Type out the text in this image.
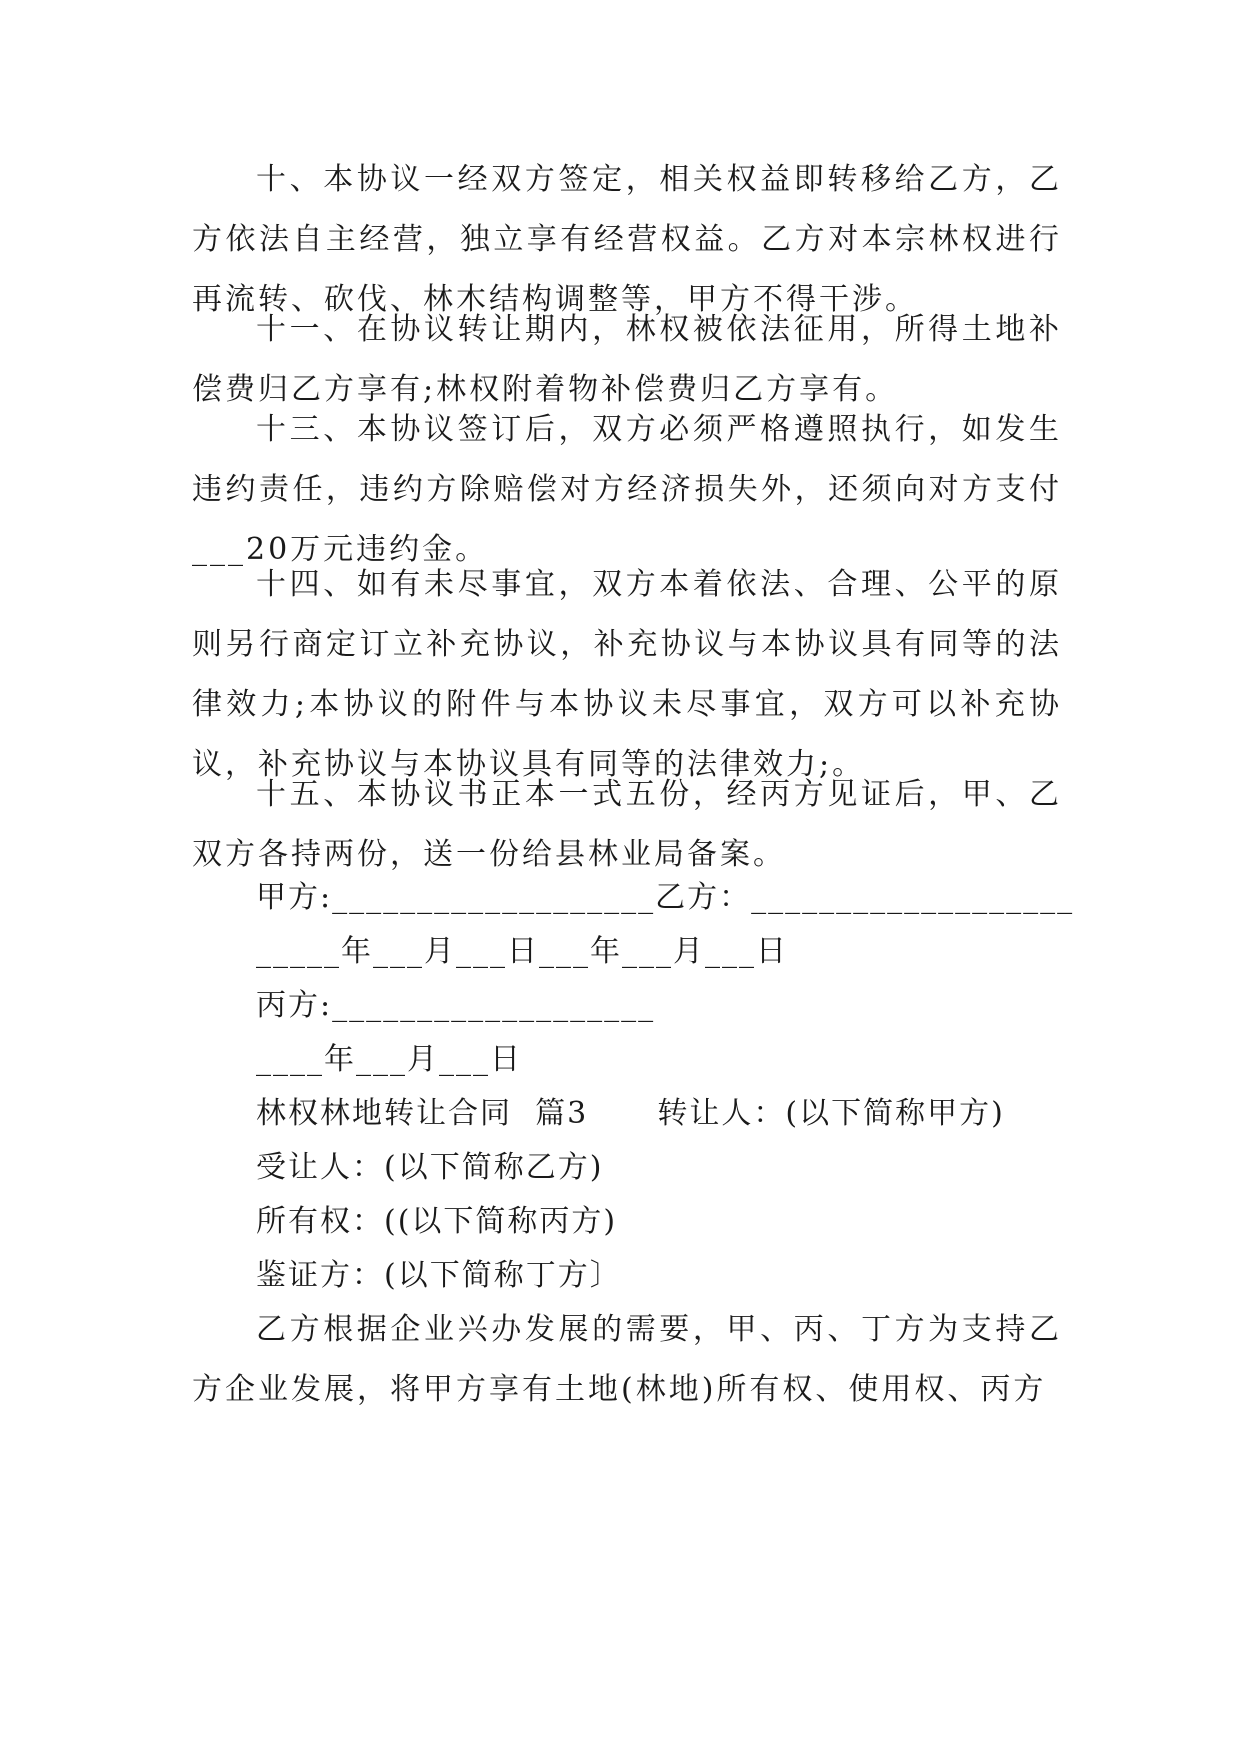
十、本协议一经双方签定，相关权益即转移给乙方，乙方依法自主经营，独立享有经营权益。乙方对本宗林权进行再流转、砍伐、林木结构调整等，甲方不得干涉。

十一、在协议转让期内，林权被依法征用，所得土地补偿费归乙方享有;林权附着物补偿费归乙方享有。

十三、本协议签订后，双方必须严格遵照执行，如发生违约责任，违约方除赔偿对方经济损失外，还须向对方支付___20万元违约金。

十四、如有未尽事宜，双方本着依法、合理、公平的原则另行商定订立补充协议，补充协议与本协议具有同等的法律效力;本协议的附件与本协议未尽事宜，双方可以补充协议，补充协议与本协议具有同等的法律效力;。

十五、本协议书正本一式五份，经丙方见证后，甲、乙双方各持两份，送一份给县林业局备案。

甲方:___________________乙方：___________________

_____年___月___日___年___月___日

丙方:___________________

____年___月___日

林权林地转让合同  篇3      转让人：(以下简称甲方)

受让人：(以下简称乙方)

所有权：((以下简称丙方)

鉴证方：(以下简称丁方〕

乙方根据企业兴办发展的需要，甲、丙、丁方为支持乙方企业发展，将甲方享有土地(林地)所有权、使用权、丙方
